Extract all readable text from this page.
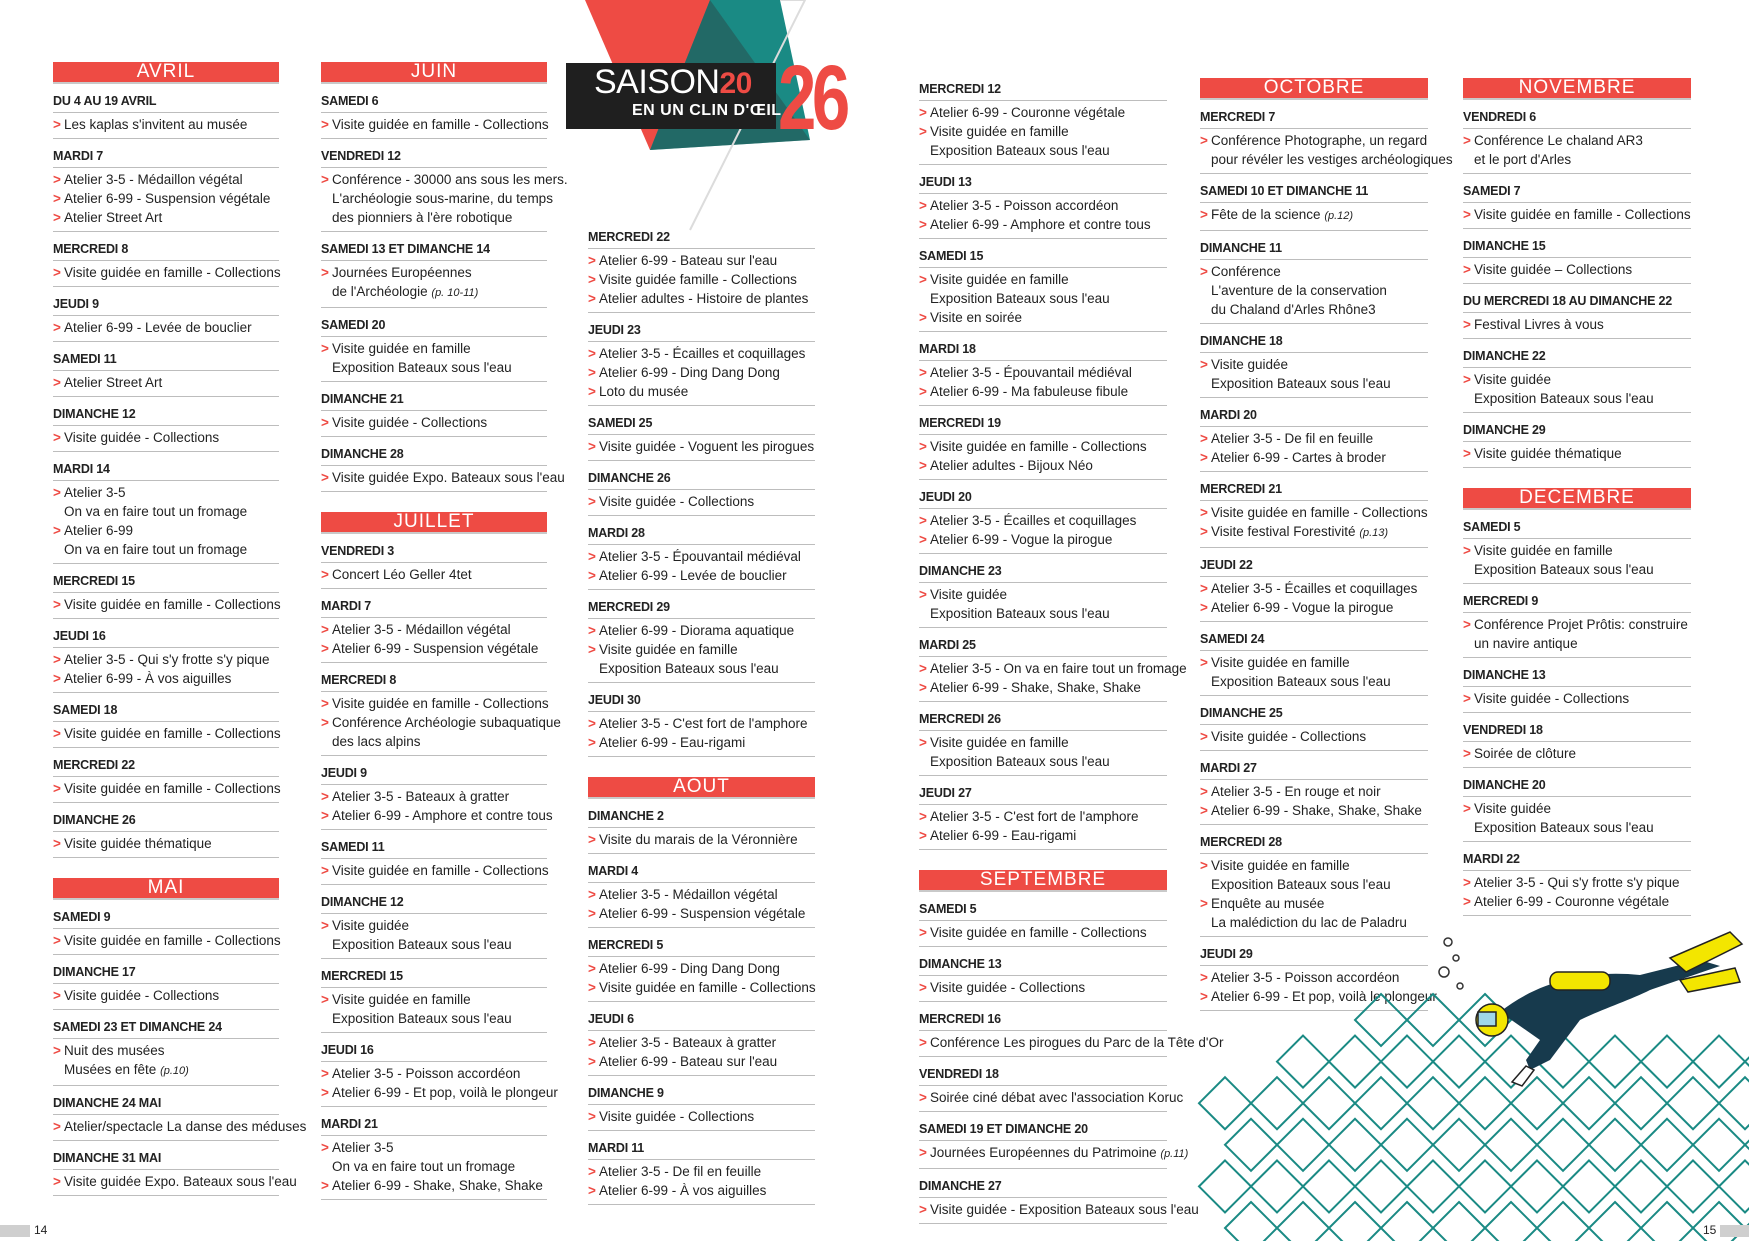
SAISON20
EN UN CLIN D'ŒIL
26
AVRIL
DU 4 AU 19 AVRIL
> Les kaplas s'invitent au musée
MARDI 7
> Atelier 3-5 - Médaillon végétal
> Atelier 6-99 - Suspension végétale
> Atelier Street Art
MERCREDI 8
> Visite guidée en famille - Collections
JEUDI 9
> Atelier 6-99 - Levée de bouclier
SAMEDI 11
> Atelier Street Art
DIMANCHE 12
> Visite guidée - Collections
MARDI 14
> Atelier 3-5
On va en faire tout un fromage
> Atelier 6-99
On va en faire tout un fromage
MERCREDI 15
> Visite guidée en famille - Collections
JEUDI 16
> Atelier 3-5 - Qui s'y frotte s'y pique
> Atelier 6-99 - À vos aiguilles
SAMEDI 18
> Visite guidée en famille - Collections
MERCREDI 22
> Visite guidée en famille - Collections
DIMANCHE 26
> Visite guidée thématique
MAI
SAMEDI 9
> Visite guidée en famille - Collections
DIMANCHE 17
> Visite guidée - Collections
SAMEDI 23 ET DIMANCHE 24
> Nuit des musées
Musées en fête (p.10)
DIMANCHE 24 MAI
> Atelier/spectacle La danse des méduses
DIMANCHE 31 MAI
> Visite guidée Expo. Bateaux sous l'eau
JUIN
SAMEDI 6
> Visite guidée en famille - Collections
VENDREDI 12
> Conférence - 30000 ans sous les mers.
L'archéologie sous-marine, du temps
des pionniers à l'ère robotique
SAMEDI 13 ET DIMANCHE 14
> Journées Européennes
de l'Archéologie (p. 10-11)
SAMEDI 20
> Visite guidée en famille
Exposition Bateaux sous l'eau
DIMANCHE 21
> Visite guidée - Collections
DIMANCHE 28
> Visite guidée Expo. Bateaux sous l'eau
JUILLET
VENDREDI 3
> Concert Léo Geller 4tet
MARDI 7
> Atelier 3-5 - Médaillon végétal
> Atelier 6-99 - Suspension végétale
MERCREDI 8
> Visite guidée en famille - Collections
> Conférence Archéologie subaquatique
des lacs alpins
JEUDI 9
> Atelier 3-5 - Bateaux à gratter
> Atelier 6-99 - Amphore et contre tous
SAMEDI 11
> Visite guidée en famille - Collections
DIMANCHE 12
> Visite guidée
Exposition Bateaux sous l'eau
MERCREDI 15
> Visite guidée en famille
Exposition Bateaux sous l'eau
JEUDI 16
> Atelier 3-5 - Poisson accordéon
> Atelier 6-99 - Et pop, voilà le plongeur
MARDI 21
> Atelier 3-5
On va en faire tout un fromage
> Atelier 6-99 - Shake, Shake, Shake
MERCREDI 22
> Atelier 6-99 - Bateau sur l'eau
> Visite guidée famille - Collections
> Atelier adultes - Histoire de plantes
JEUDI 23
> Atelier 3-5 - Écailles et coquillages
> Atelier 6-99 - Ding Dang Dong
> Loto du musée
SAMEDI 25
> Visite guidée - Voguent les pirogues
DIMANCHE 26
> Visite guidée - Collections
MARDI 28
> Atelier 3-5 - Épouvantail médiéval
> Atelier 6-99 - Levée de bouclier
MERCREDI 29
> Atelier 6-99 - Diorama aquatique
> Visite guidée en famille
Exposition Bateaux sous l'eau
JEUDI 30
> Atelier 3-5 - C'est fort de l'amphore
> Atelier 6-99 - Eau-rigami
AOUT
DIMANCHE 2
> Visite du marais de la Véronnière
MARDI 4
> Atelier 3-5 - Médaillon végétal
> Atelier 6-99 - Suspension végétale
MERCREDI 5
> Atelier 6-99 - Ding Dang Dong
> Visite guidée en famille - Collections
JEUDI 6
> Atelier 3-5 - Bateaux à gratter
> Atelier 6-99 - Bateau sur l'eau
DIMANCHE 9
> Visite guidée - Collections
MARDI 11
> Atelier 3-5 - De fil en feuille
> Atelier 6-99 - À vos aiguilles
MERCREDI 12
> Atelier 6-99 - Couronne végétale
> Visite guidée en famille
Exposition Bateaux sous l'eau
JEUDI 13
> Atelier 3-5 - Poisson accordéon
> Atelier 6-99 - Amphore et contre tous
SAMEDI 15
> Visite guidée en famille
Exposition Bateaux sous l'eau
> Visite en soirée
MARDI 18
> Atelier 3-5 - Épouvantail médiéval
> Atelier 6-99 - Ma fabuleuse fibule
MERCREDI 19
> Visite guidée en famille - Collections
> Atelier adultes - Bijoux Néo
JEUDI 20
> Atelier 3-5 - Écailles et coquillages
> Atelier 6-99 - Vogue la pirogue
DIMANCHE 23
> Visite guidée
Exposition Bateaux sous l'eau
MARDI 25
> Atelier 3-5 - On va en faire tout un fromage
> Atelier 6-99 - Shake, Shake, Shake
MERCREDI 26
> Visite guidée en famille
Exposition Bateaux sous l'eau
JEUDI 27
> Atelier 3-5 - C'est fort de l'amphore
> Atelier 6-99 - Eau-rigami
SEPTEMBRE
SAMEDI 5
> Visite guidée en famille - Collections
DIMANCHE 13
> Visite guidée - Collections
MERCREDI 16
> Conférence Les pirogues du Parc de la Tête d'Or
VENDREDI 18
> Soirée ciné débat avec l'association Koruc
SAMEDI 19 ET DIMANCHE 20
> Journées Européennes du Patrimoine (p.11)
DIMANCHE 27
> Visite guidée - Exposition Bateaux sous l'eau
OCTOBRE
MERCREDI 7
> Conférence Photographe, un regard
pour révéler les vestiges archéologiques
SAMEDI 10 ET DIMANCHE 11
> Fête de la science (p.12)
DIMANCHE 11
> Conférence
L'aventure de la conservation
du Chaland d'Arles Rhône3
DIMANCHE 18
> Visite guidée
Exposition Bateaux sous l'eau
MARDI 20
> Atelier 3-5 - De fil en feuille
> Atelier 6-99 - Cartes à broder
MERCREDI 21
> Visite guidée en famille - Collections
> Visite festival Forestivité (p.13)
JEUDI 22
> Atelier 3-5 - Écailles et coquillages
> Atelier 6-99 - Vogue la pirogue
SAMEDI 24
> Visite guidée en famille
Exposition Bateaux sous l'eau
DIMANCHE 25
> Visite guidée - Collections
MARDI 27
> Atelier 3-5 - En rouge et noir
> Atelier 6-99 - Shake, Shake, Shake
MERCREDI 28
> Visite guidée en famille
Exposition Bateaux sous l'eau
> Enquête au musée
La malédiction du lac de Paladru
JEUDI 29
> Atelier 3-5 - Poisson accordéon
> Atelier 6-99 - Et pop, voilà le plongeur
NOVEMBRE
VENDREDI 6
> Conférence Le chaland AR3
et le port d'Arles
SAMEDI 7
> Visite guidée en famille - Collections
DIMANCHE 15
> Visite guidée – Collections
DU MERCREDI 18 AU DIMANCHE 22
> Festival Livres à vous
DIMANCHE 22
> Visite guidée
Exposition Bateaux sous l'eau
DIMANCHE 29
> Visite guidée thématique
DECEMBRE
SAMEDI 5
> Visite guidée en famille
Exposition Bateaux sous l'eau
MERCREDI 9
> Conférence Projet Prôtis: construire
un navire antique
DIMANCHE 13
> Visite guidée - Collections
VENDREDI 18
> Soirée de clôture
DIMANCHE 20
> Visite guidée
Exposition Bateaux sous l'eau
MARDI 22
> Atelier 3-5 - Qui s'y frotte s'y pique
> Atelier 6-99 - Couronne végétale
14	15
